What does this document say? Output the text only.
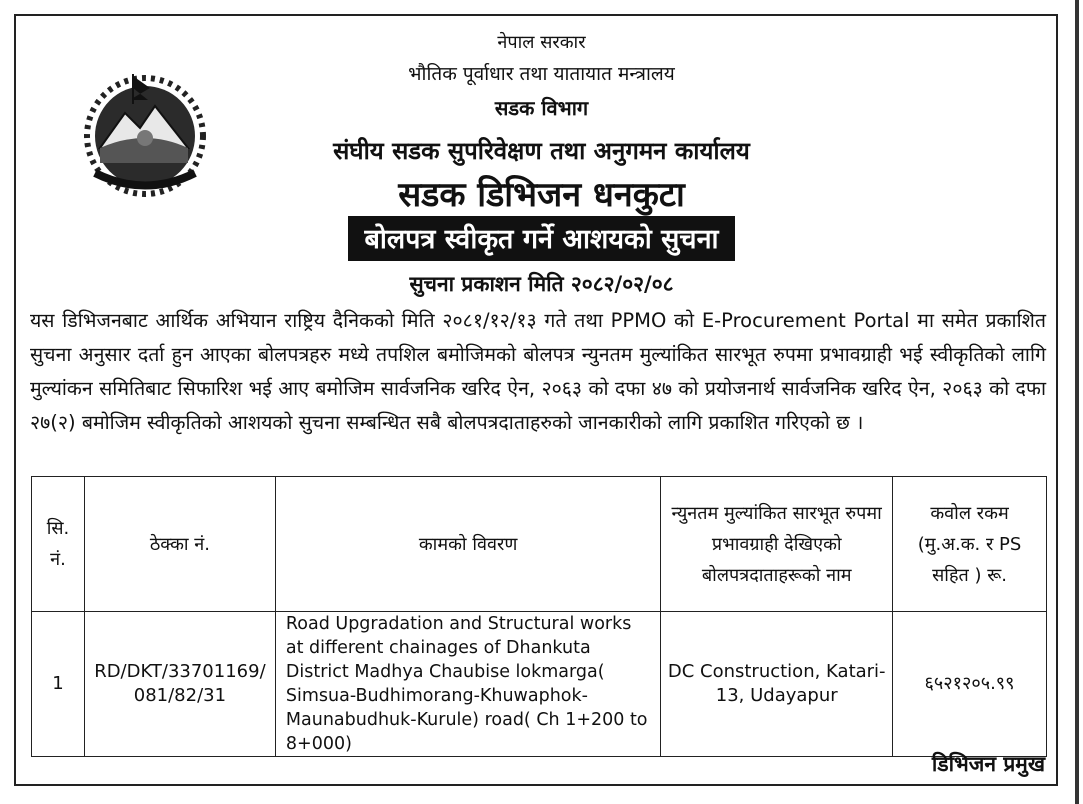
नेपाल सरकार
भौतिक पूर्वाधार तथा यातायात मन्त्रालय
सडक विभाग
संघीय सडक सुपरिवेक्षण तथा अनुगमन कार्यालय
सडक डिभिजन धनकुटा
बोलपत्र स्वीकृत गर्ने आशयको सुचना
सुचना प्रकाशन मिति २०८२/०२/०८
यस डिभिजनबाट आर्थिक अभियान राष्ट्रिय दैनिकको मिति २०८१/१२/१३ गते तथा PPMO को E-Procurement Portal मा समेत प्रकाशित सुचना अनुसार दर्ता हुन आएका बोलपत्रहरु मध्ये तपशिल बमोजिमको बोलपत्र न्युनतम मुल्यांकित सारभूत रुपमा प्रभावग्राही भई स्वीकृतिको लागि मुल्यांकन समितिबाट सिफारिश भई आए बमोजिम सार्वजनिक खरिद ऐन, २०६३ को दफा ४७ को प्रयोजनार्थ सार्वजनिक खरिद ऐन, २०६३ को दफा २७(२) बमोजिम स्वीकृतिको आशयको सुचना सम्बन्धित सबै बोलपत्रदाताहरुको जानकारीको लागि प्रकाशित गरिएको छ ।
सि. नं.	ठेक्का नं.	कामको विवरण	न्युनतम मुल्यांकित सारभूत रुपमा प्रभावग्राही देखिएको बोलपत्रदाताहरूको नाम	कवोल रकम (मु.अ.क. र PS सहित ) रू.
1	RD/DKT/33701169/ 081/82/31	Road Upgradation and Structural works at different chainages of Dhankuta District Madhya Chaubise lokmarga( Simsua-Budhimorang-Khuwaphok-Maunabudhuk-Kurule) road( Ch 1+200 to 8+000)	DC Construction, Katari-13, Udayapur	६५२१२०५.९९
डिभिजन प्रमुख
